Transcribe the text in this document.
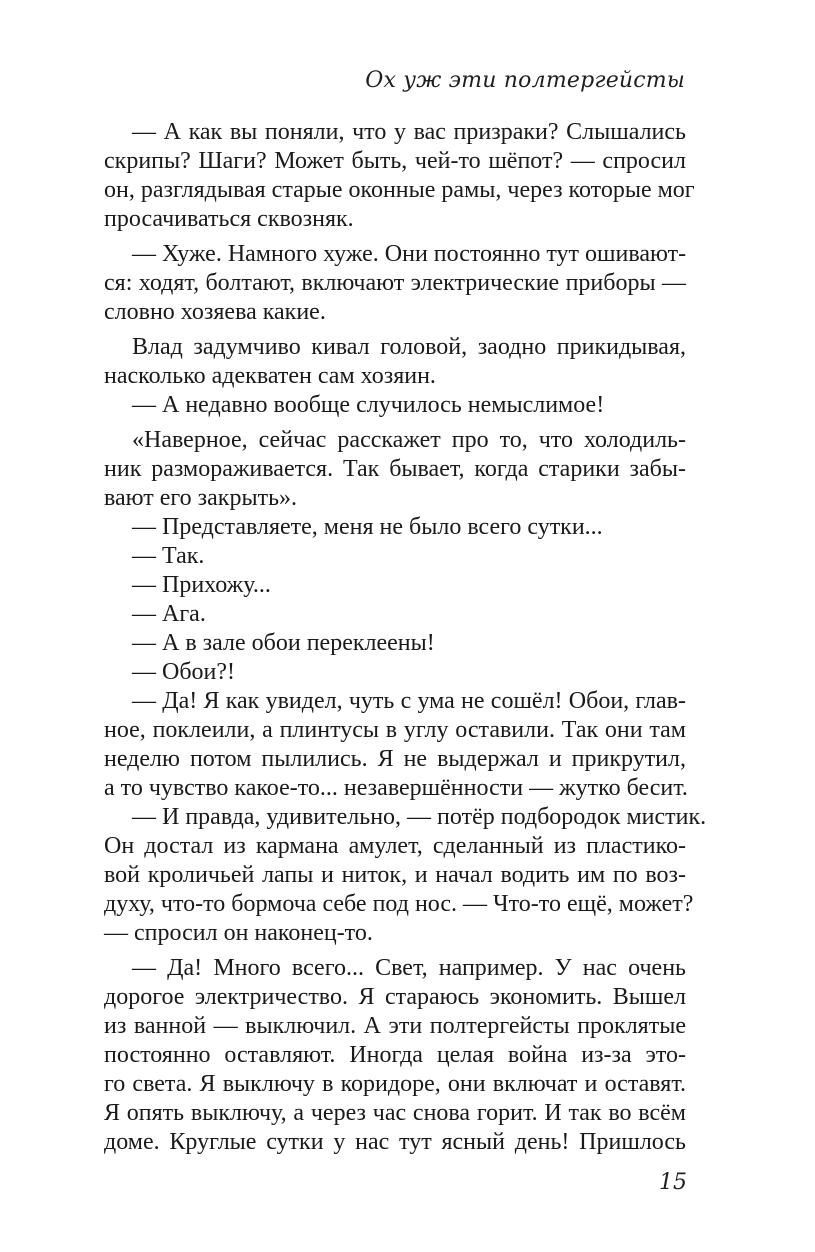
Ох уж эти полтергейсты
— А как вы поняли, что у вас призраки? Слышались
скрипы? Шаги? Может быть, чей-то шёпот? — спросил
он, разглядывая старые оконные рамы, через которые мог
просачиваться сквозняк.
— Хуже. Намного хуже. Они постоянно тут ошивают-
ся: ходят, болтают, включают электрические приборы —
словно хозяева какие.
Влад задумчиво кивал головой, заодно прикидывая,
насколько адекватен сам хозяин.
— А недавно вообще случилось немыслимое!
«Наверное, сейчас расскажет про то, что холодиль-
ник размораживается. Так бывает, когда старики забы-
вают его закрыть».
— Представляете, меня не было всего сутки...
— Так.
— Прихожу...
— Ага.
— А в зале обои переклеены!
— Обои?!
— Да! Я как увидел, чуть с ума не сошёл! Обои, глав-
ное, поклеили, а плинтусы в углу оставили. Так они там
неделю потом пылились. Я не выдержал и прикрутил,
а то чувство какое-то... незавершённости — жутко бесит.
— И правда, удивительно, — потёр подбородок мистик.
Он достал из кармана амулет, сделанный из пластико-
вой кроличьей лапы и ниток, и начал водить им по воз-
духу, что-то бормоча себе под нос. — Что-то ещё, может?
— спросил он наконец-то.
— Да! Много всего... Свет, например. У нас очень
дорогое электричество. Я стараюсь экономить. Вышел
из ванной — выключил. А эти полтергейсты проклятые
постоянно оставляют. Иногда целая война из-за это-
го света. Я выключу в коридоре, они включат и оставят.
Я опять выключу, а через час снова горит. И так во всём
доме. Круглые сутки у нас тут ясный день! Пришлось
15
